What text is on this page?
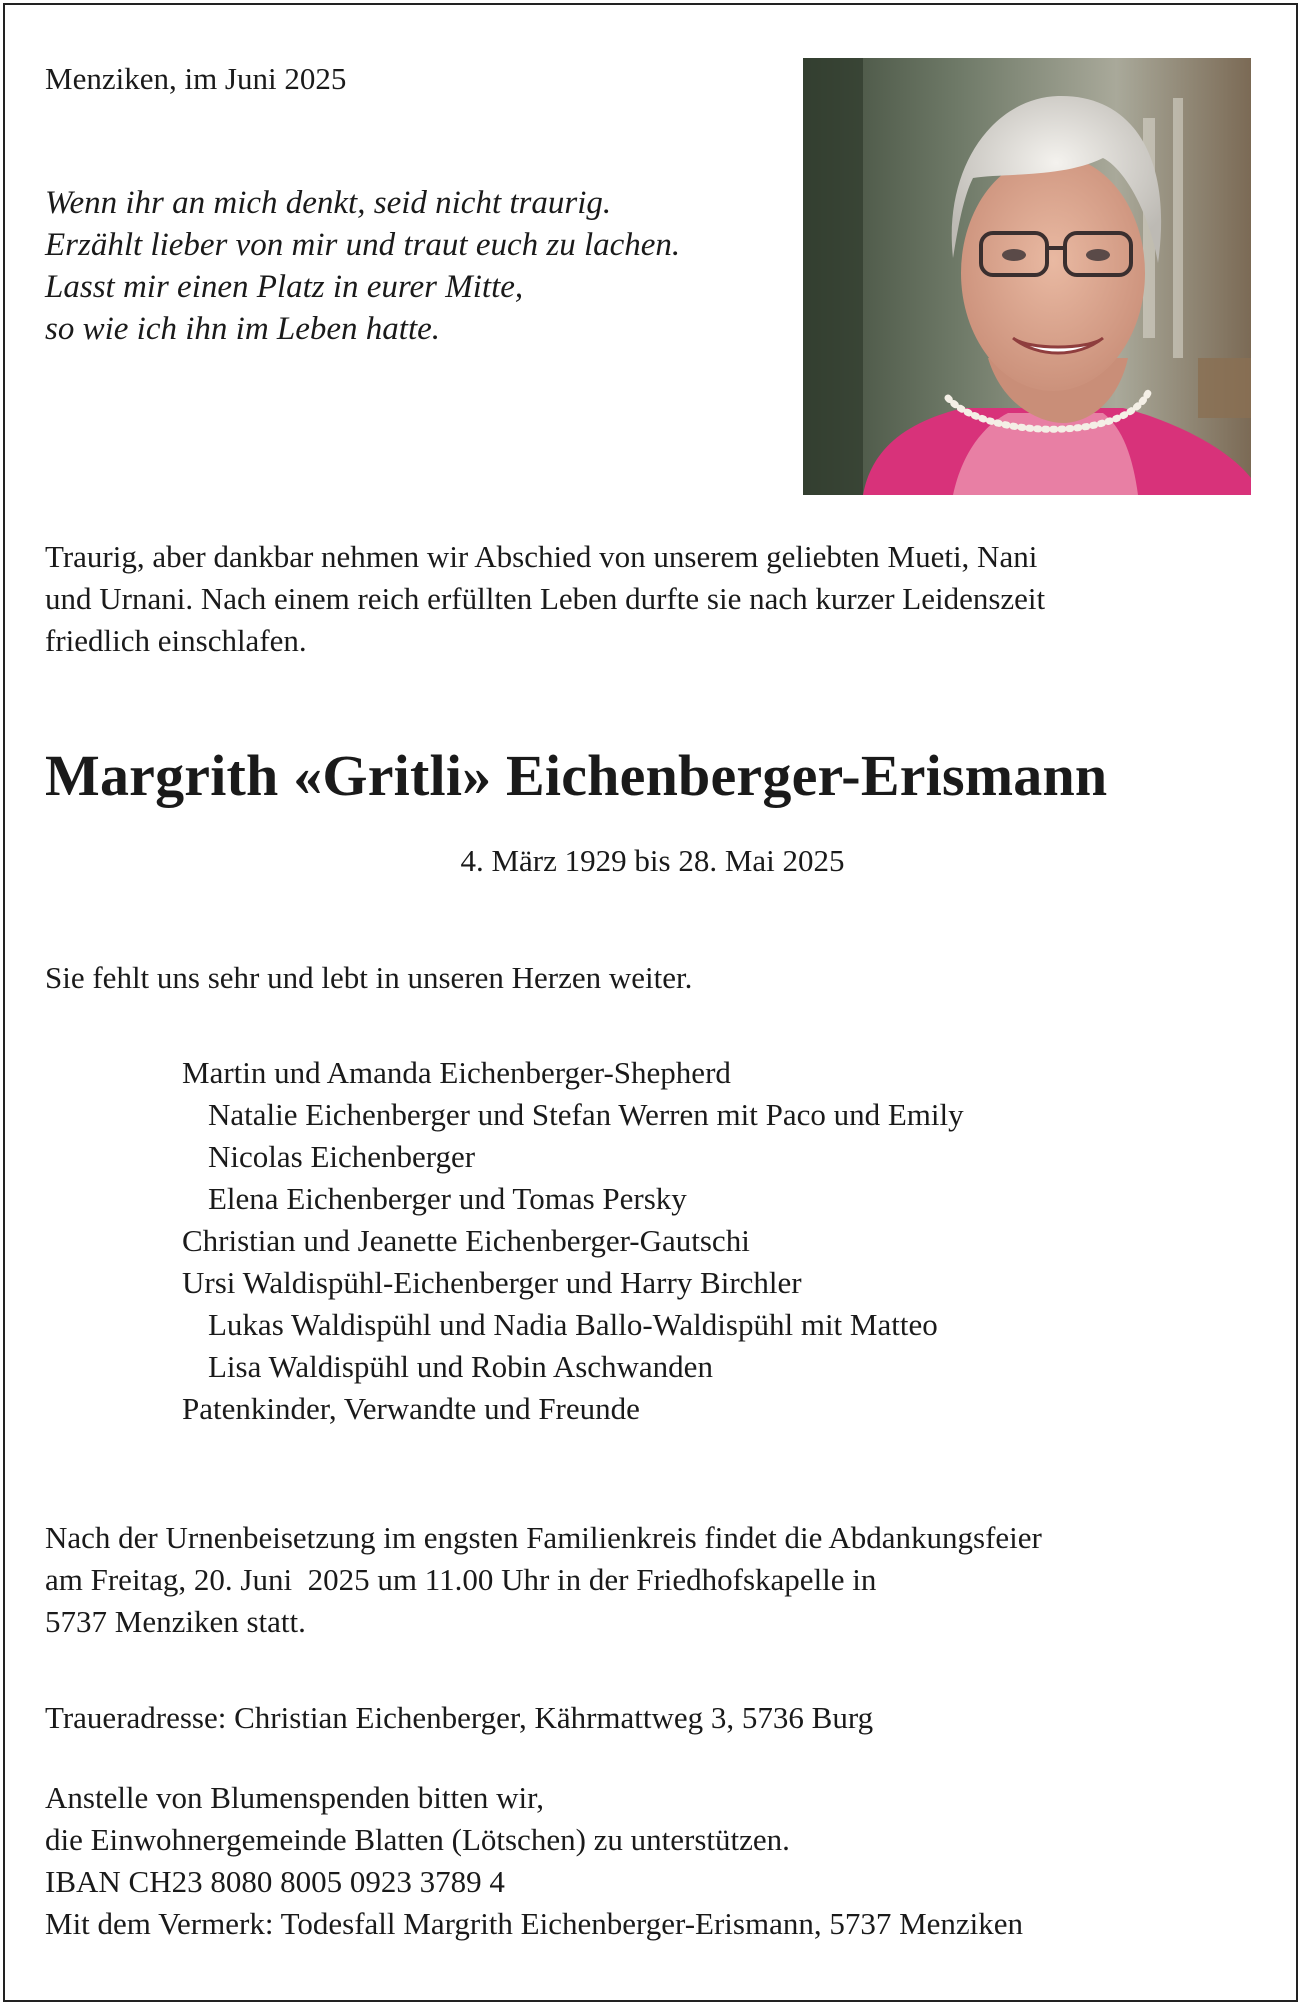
Menziken, im Juni 2025

Wenn ihr an mich denkt, seid nicht traurig.
Erzählt lieber von mir und traut euch zu lachen.
Lasst mir einen Platz in eurer Mitte,
so wie ich ihn im Leben hatte.
Traurig, aber dankbar nehmen wir Abschied von unserem geliebten Mueti, Nani
und Urnani. Nach einem reich erfüllten Leben durfte sie nach kurzer Leidenszeit
friedlich einschlafen.
Margrith «Gritli» Eichenberger-Erismann

4. März 1929 bis 28. Mai 2025

Sie fehlt uns sehr und lebt in unseren Herzen weiter.

Martin und Amanda Eichenberger-Shepherd
Natalie Eichenberger und Stefan Werren mit Paco und Emily
Nicolas Eichenberger
Elena Eichenberger und Tomas Persky
Christian und Jeanette Eichenberger-Gautschi
Ursi Waldispühl-Eichenberger und Harry Birchler
Lukas Waldispühl und Nadia Ballo-Waldispühl mit Matteo
Lisa Waldispühl und Robin Aschwanden
Patenkinder, Verwandte und Freunde
Nach der Urnenbeisetzung im engsten Familienkreis findet die Abdankungsfeier
am Freitag, 20. Juni  2025 um 11.00 Uhr in der Friedhofskapelle in
5737 Menziken statt.

Traueradresse: Christian Eichenberger, Kährmattweg 3, 5736 Burg

Anstelle von Blumenspenden bitten wir,
die Einwohnergemeinde Blatten (Lötschen) zu unterstützen.
IBAN CH23 8080 8005 0923 3789 4
Mit dem Vermerk: Todesfall Margrith Eichenberger-Erismann, 5737 Menziken
